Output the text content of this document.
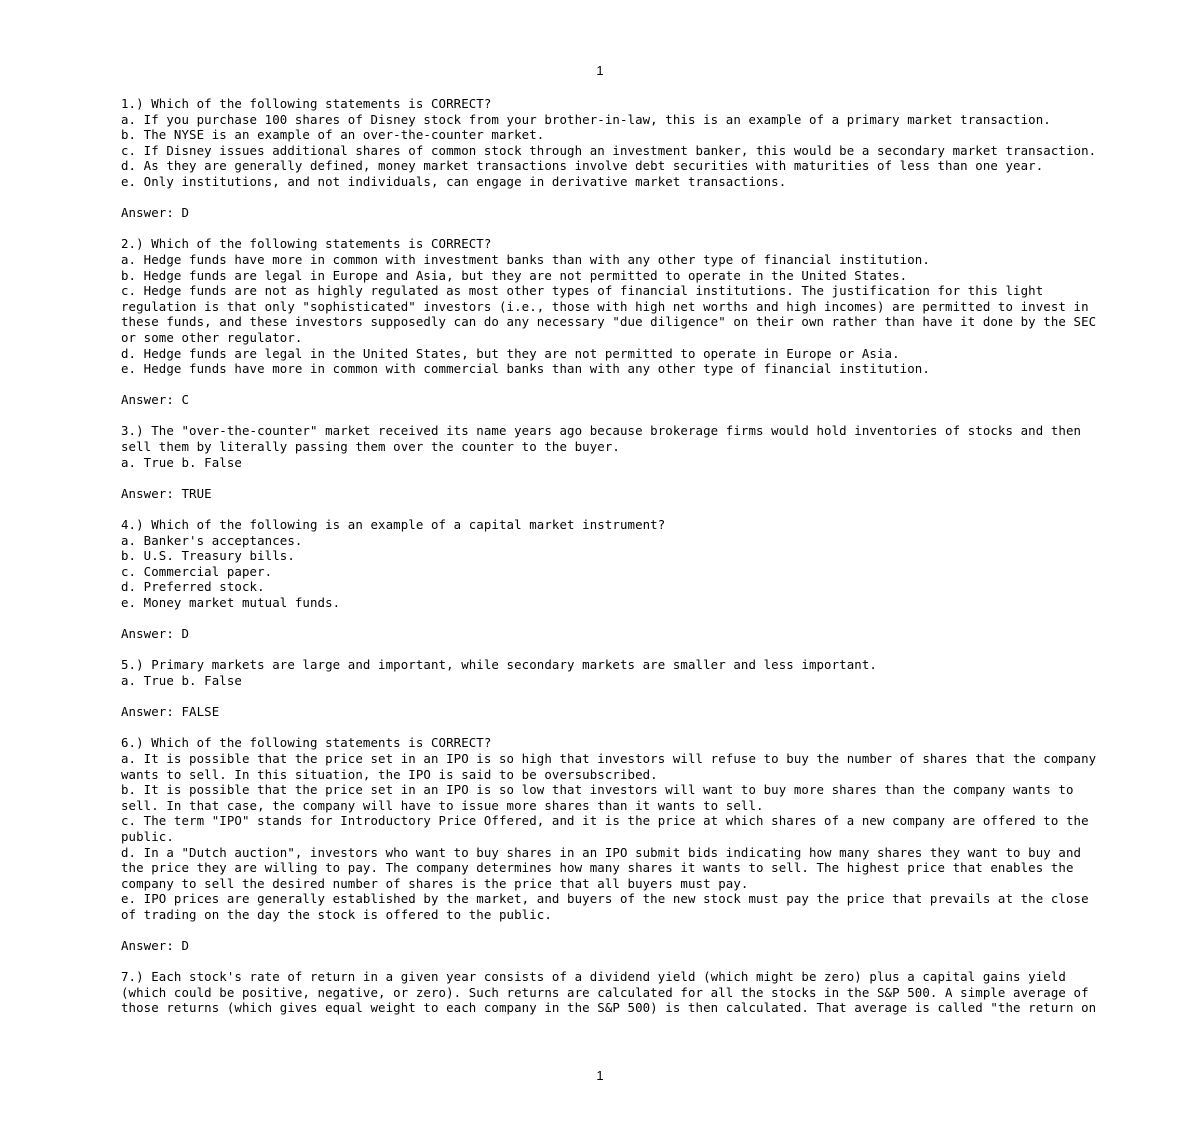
1
1.) Which of the following statements is CORRECT?
a. If you purchase 100 shares of Disney stock from your brother-in-law, this is an example of a primary market transaction.
b. The NYSE is an example of an over-the-counter market.
c. If Disney issues additional shares of common stock through an investment banker, this would be a secondary market transaction.
d. As they are generally defined, money market transactions involve debt securities with maturities of less than one year.
e. Only institutions, and not individuals, can engage in derivative market transactions.
Answer: D
2.) Which of the following statements is CORRECT?
a. Hedge funds have more in common with investment banks than with any other type of financial institution.
b. Hedge funds are legal in Europe and Asia, but they are not permitted to operate in the United States.
c. Hedge funds are not as highly regulated as most other types of financial institutions. The justification for this light
regulation is that only "sophisticated" investors (i.e., those with high net worths and high incomes) are permitted to invest in
these funds, and these investors supposedly can do any necessary "due diligence" on their own rather than have it done by the SEC
or some other regulator.
d. Hedge funds are legal in the United States, but they are not permitted to operate in Europe or Asia.
e. Hedge funds have more in common with commercial banks than with any other type of financial institution.
Answer: C
3.) The "over-the-counter" market received its name years ago because brokerage firms would hold inventories of stocks and then
sell them by literally passing them over the counter to the buyer.
a. True b. False
Answer: TRUE
4.) Which of the following is an example of a capital market instrument?
a. Banker's acceptances.
b. U.S. Treasury bills.
c. Commercial paper.
d. Preferred stock.
e. Money market mutual funds.
Answer: D
5.) Primary markets are large and important, while secondary markets are smaller and less important.
a. True b. False
Answer: FALSE
6.) Which of the following statements is CORRECT?
a. It is possible that the price set in an IPO is so high that investors will refuse to buy the number of shares that the company
wants to sell. In this situation, the IPO is said to be oversubscribed.
b. It is possible that the price set in an IPO is so low that investors will want to buy more shares than the company wants to
sell. In that case, the company will have to issue more shares than it wants to sell.
c. The term "IPO" stands for Introductory Price Offered, and it is the price at which shares of a new company are offered to the
public.
d. In a "Dutch auction", investors who want to buy shares in an IPO submit bids indicating how many shares they want to buy and
the price they are willing to pay. The company determines how many shares it wants to sell. The highest price that enables the
company to sell the desired number of shares is the price that all buyers must pay.
e. IPO prices are generally established by the market, and buyers of the new stock must pay the price that prevails at the close
of trading on the day the stock is offered to the public.
Answer: D
7.) Each stock's rate of return in a given year consists of a dividend yield (which might be zero) plus a capital gains yield
(which could be positive, negative, or zero). Such returns are calculated for all the stocks in the S&P 500. A simple average of
those returns (which gives equal weight to each company in the S&P 500) is then calculated. That average is called "the return on
1
